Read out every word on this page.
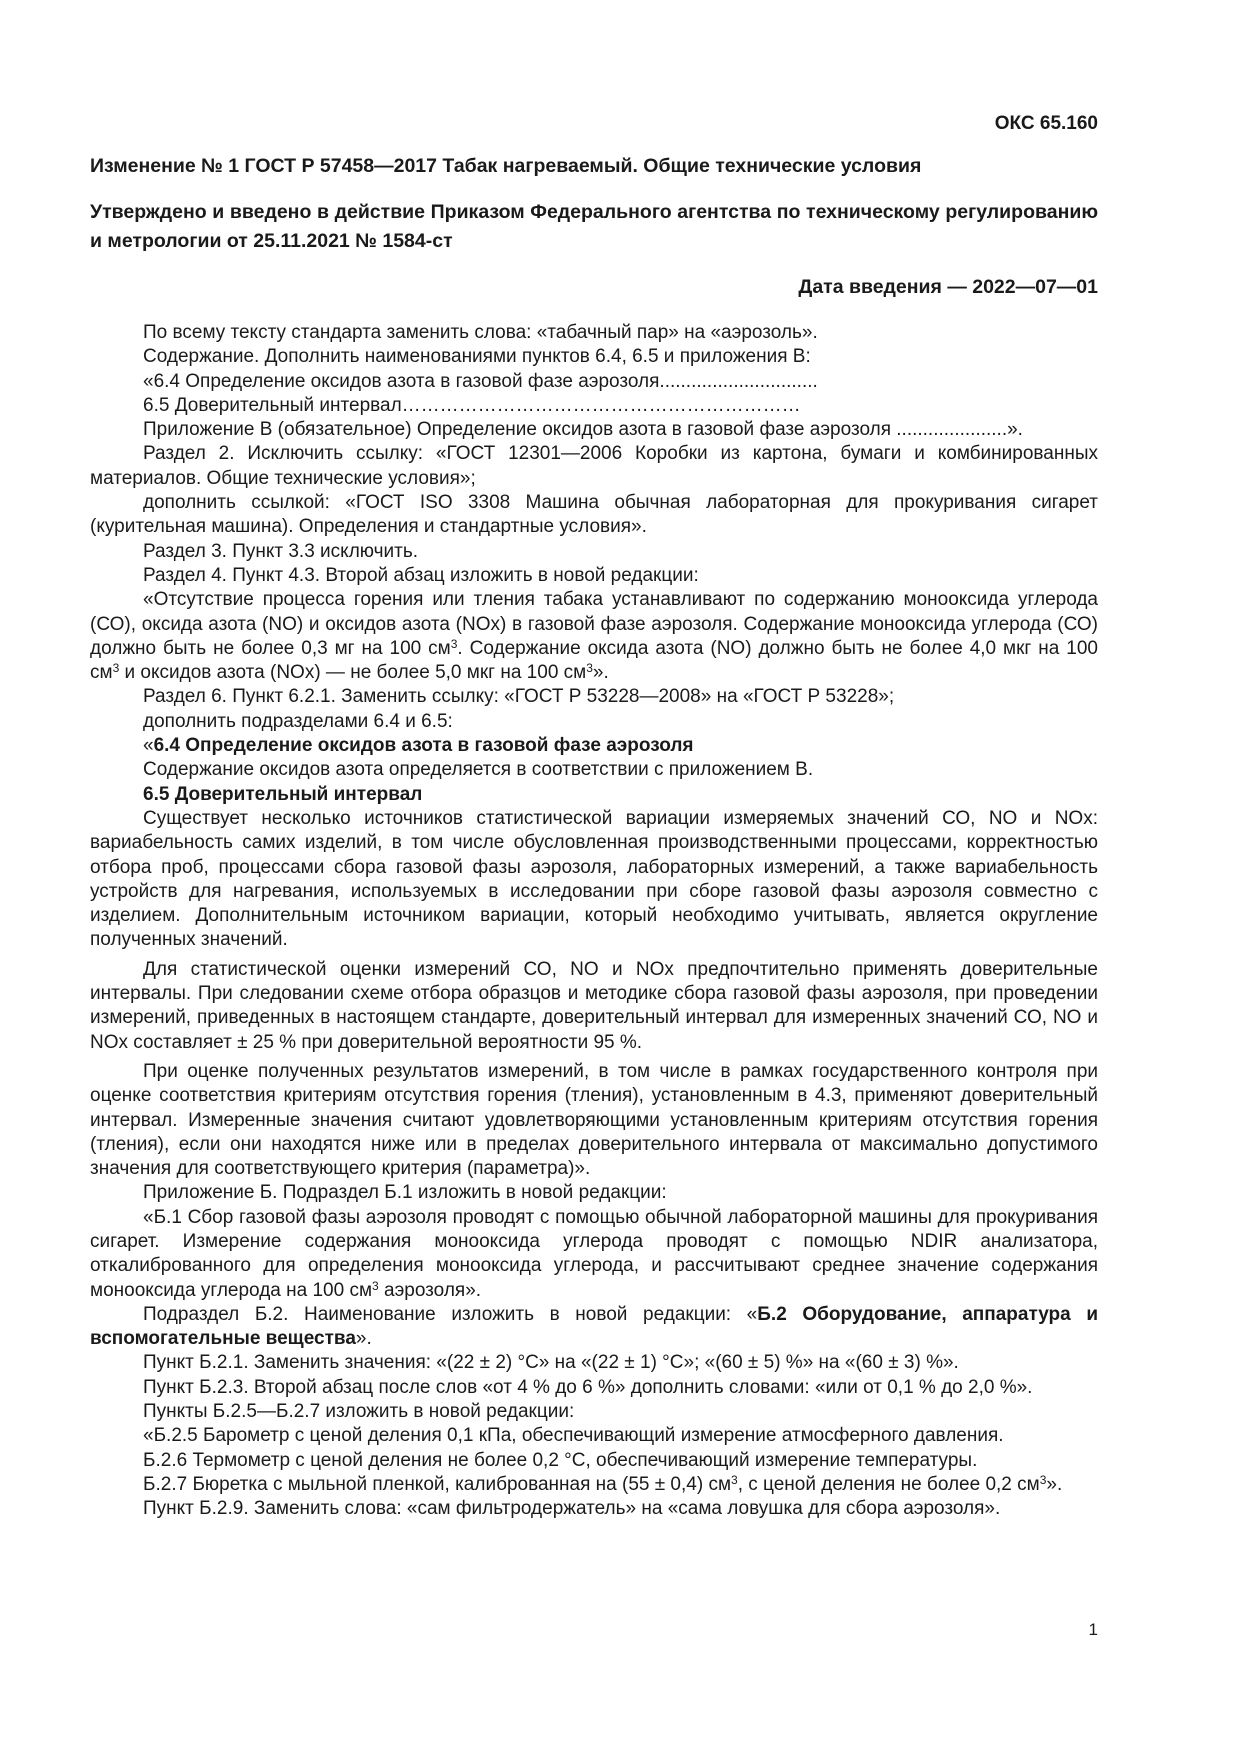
ОКС 65.160

Изменение № 1 ГОСТ Р 57458—2017 Табак нагреваемый. Общие технические условия

Утверждено и введено в действие Приказом Федерального агентства по техническому регулированию и метрологии от 25.11.2021 № 1584-ст

Дата введения — 2022—07—01

По всему тексту стандарта заменить слова: «табачный пар» на «аэрозоль».

Содержание. Дополнить наименованиями пунктов 6.4, 6.5 и приложения В:

«6.4 Определение оксидов азота в газовой фазе аэрозоля..............................

6.5 Доверительный интервал………………………………………………………

Приложение В (обязательное) Определение оксидов азота в газовой фазе аэрозоля .....................».

Раздел 2. Исключить ссылку: «ГОСТ 12301—2006 Коробки из картона, бумаги и комбинированных материалов. Общие технические условия»;

дополнить ссылкой: «ГОСТ ISO 3308 Машина обычная лабораторная для прокуривания сигарет (курительная машина). Определения и стандартные условия».

Раздел 3. Пункт 3.3 исключить.

Раздел 4. Пункт 4.3. Второй абзац изложить в новой редакции:

«Отсутствие процесса горения или тления табака устанавливают по содержанию монооксида углерода (СО), оксида азота (NO) и оксидов азота (NOx) в газовой фазе аэрозоля. Содержание монооксида углерода (СО) должно быть не более 0,3 мг на 100 $см^3$. Содержание оксида азота (NO) должно быть не более 4,0 мкг на 100 $см^3$ и оксидов азота (NOx) — не более 5,0 мкг на 100 $см^3$».

Раздел 6. Пункт 6.2.1. Заменить ссылку: «ГОСТ Р 53228—2008» на «ГОСТ Р 53228»;

дополнить подразделами 6.4 и 6.5:

«6.4 Определение оксидов азота в газовой фазе аэрозоля

Содержание оксидов азота определяется в соответствии с приложением В.

6.5 Доверительный интервал

Существует несколько источников статистической вариации измеряемых значений СО, NO и NOx: вариабельность самих изделий, в том числе обусловленная производственными процессами, корректностью отбора проб, процессами сбора газовой фазы аэрозоля, лабораторных измерений, а также вариабельность устройств для нагревания, используемых в исследовании при сборе газовой фазы аэрозоля совместно с изделием. Дополнительным источником вариации, который необходимо учитывать, является округление полученных значений.

Для статистической оценки измерений СО, NO и NOx предпочтительно применять доверительные интервалы. При следовании схеме отбора образцов и методике сбора газовой фазы аэрозоля, при проведении измерений, приведенных в настоящем стандарте, доверительный интервал для измеренных значений СО, NO и NOx составляет ± 25 % при доверительной вероятности 95 %.

При оценке полученных результатов измерений, в том числе в рамках государственного контроля при оценке соответствия критериям отсутствия горения (тления), установленным в 4.3, применяют доверительный интервал. Измеренные значения считают удовлетворяющими установленным критериям отсутствия горения (тления), если они находятся ниже или в пределах доверительного интервала от максимально допустимого значения для соответствующего критерия (параметра)».

Приложение Б. Подраздел Б.1 изложить в новой редакции:

«Б.1 Сбор газовой фазы аэрозоля проводят с помощью обычной лабораторной машины для прокуривания сигарет. Измерение содержания монооксида углерода проводят с помощью NDIR анализатора, откалиброванного для определения монооксида углерода, и рассчитывают среднее значение содержания монооксида углерода на 100 $см^3$ аэрозоля».

Подраздел Б.2. Наименование изложить в новой редакции: «Б.2 Оборудование, аппаратура и вспомогательные вещества».

Пункт Б.2.1. Заменить значения: «(22 ± 2) °С» на «(22 ± 1) °С»; «(60 ± 5) %» на «(60 ± 3) %».

Пункт Б.2.3. Второй абзац после слов «от 4 % до 6 %» дополнить словами: «или от 0,1 % до 2,0 %».

Пункты Б.2.5—Б.2.7 изложить в новой редакции:

«Б.2.5 Барометр с ценой деления 0,1 кПа, обеспечивающий измерение атмосферного давления.

Б.2.6 Термометр с ценой деления не более 0,2 °С, обеспечивающий измерение температуры.

Б.2.7 Бюретка с мыльной пленкой, калиброванная на (55 ± 0,4) $см^3$, с ценой деления не более 0,2 $см^3$».

Пункт Б.2.9. Заменить слова: «сам фильтродержатель» на «сама ловушка для сбора аэрозоля».

1
